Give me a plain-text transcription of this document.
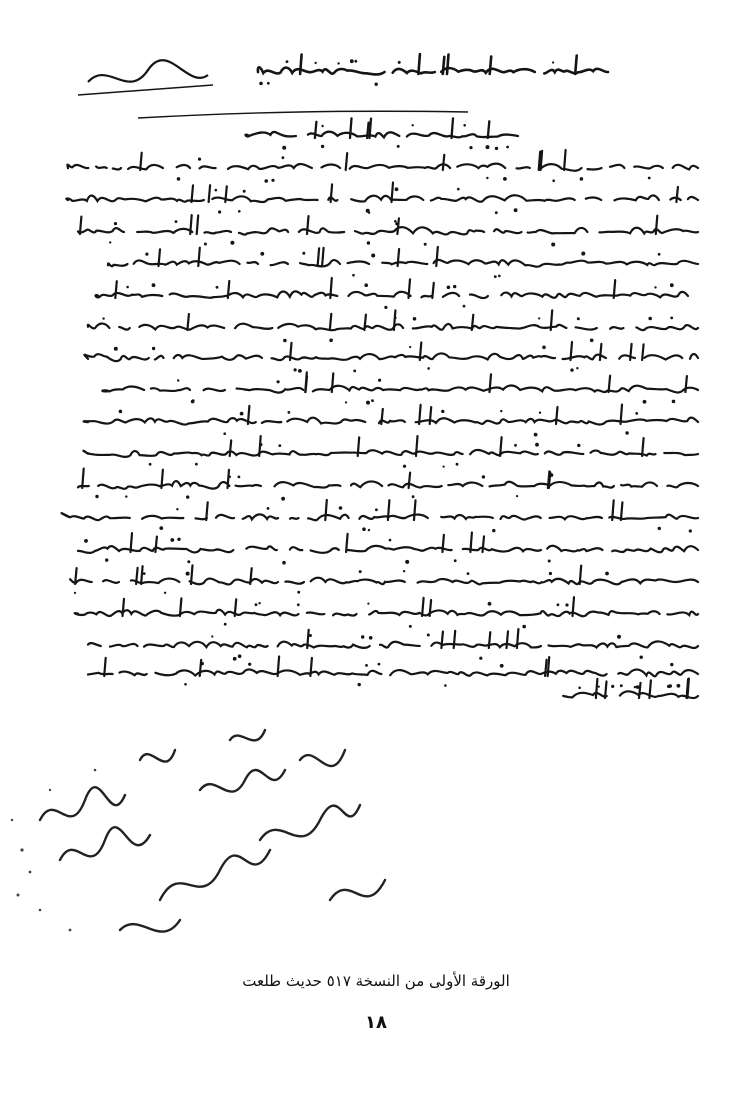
الورقة الأولى من النسخة ٥١٧ حديث طلعت
١٨
